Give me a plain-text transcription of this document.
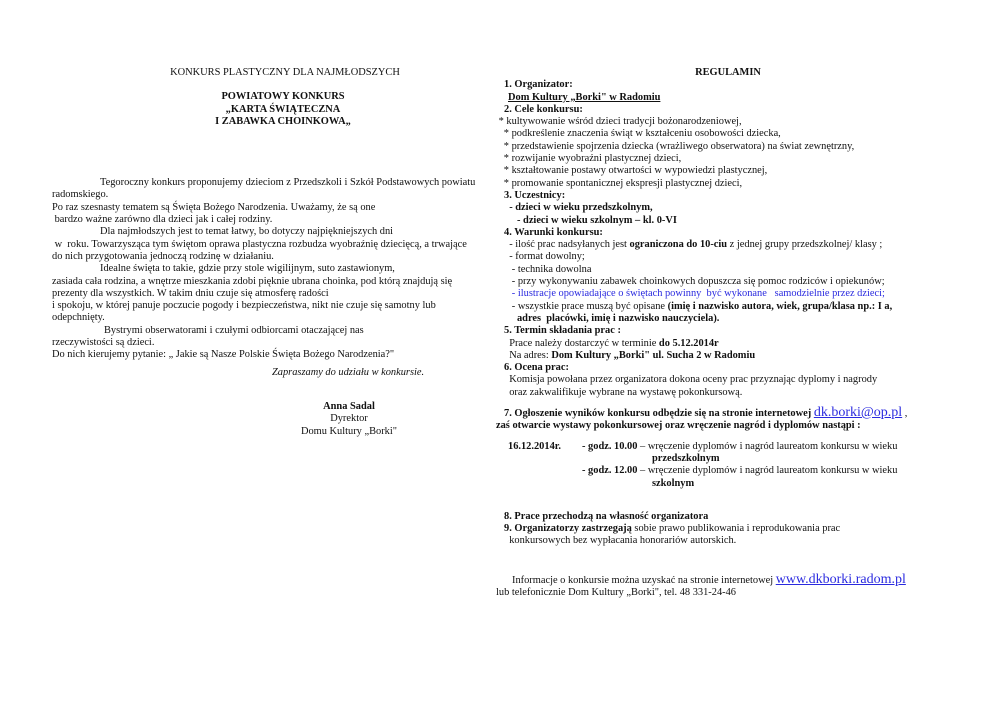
KONKURS PLASTYCZNY DLA NAJMŁODSZYCH

POWIATOWY KONKURS

„KARTA ŚWIĄTECZNA

I ZABAWKA CHOINKOWA„

Tegoroczny konkurs proponujemy dzieciom z Przedszkoli i Szkół Podstawowych powiatu

radomskiego.

Po raz szesnasty tematem są Święta Bożego Narodzenia. Uważamy, że są one

bardzo ważne zarówno dla dzieci jak i całej rodziny.

Dla najmłodszych jest to temat łatwy, bo dotyczy najpiękniejszych dni

w  roku. Towarzysząca tym świętom oprawa plastyczna rozbudza wyobraźnię dziecięcą, a trwające

do nich przygotowania jednoczą rodzinę w działaniu.

Idealne święta to takie, gdzie przy stole wigilijnym, suto zastawionym,

zasiada cała rodzina, a wnętrze mieszkania zdobi pięknie ubrana choinka, pod którą znajdują się

prezenty dla wszystkich. W takim dniu czuje się atmosferę radości

i spokoju, w której panuje poczucie pogody i bezpieczeństwa, nikt nie czuje się samotny lub

odepchnięty.

Bystrymi obserwatorami i czułymi odbiorcami otaczającej nas

rzeczywistości są dzieci.

Do nich kierujemy pytanie: „ Jakie są Nasze Polskie Święta Bożego Narodzenia?"

Zapraszamy do udziału w konkursie.

Anna Sadal

Dyrektor

Domu Kultury „Borki"

REGULAMIN

1. Organizator:

Dom Kultury „Borki" w Radomiu

2. Cele konkursu:

* kultywowanie wśród dzieci tradycji bożonarodzeniowej,

* podkreślenie znaczenia świąt w kształceniu osobowości dziecka,

* przedstawienie spojrzenia dziecka (wrażliwego obserwatora) na świat zewnętrzny,

* rozwijanie wyobraźni plastycznej dzieci,

* kształtowanie postawy otwartości w wypowiedzi plastycznej,

* promowanie spontanicznej ekspresji plastycznej dzieci,

3. Uczestnicy:

- dzieci w wieku przedszkolnym,

- dzieci w wieku szkolnym – kl. 0-VI

4. Warunki konkursu:

- ilość prac nadsyłanych jest ograniczona do 10-ciu z jednej grupy przedszkolnej/ klasy ;

- format dowolny;

- technika dowolna

- przy wykonywaniu zabawek choinkowych dopuszcza się pomoc rodziców i opiekunów;

- ilustracje opowiadające o świętach powinny  być wykonane   samodzielnie przez dzieci;

- wszystkie prace muszą być opisane (imię i nazwisko autora, wiek, grupa/klasa np.: I a,

adres  placówki, imię i nazwisko nauczyciela).

5. Termin składania prac :

Prace należy dostarczyć w terminie do 5.12.2014r

Na adres: Dom Kultury „Borki" ul. Sucha 2 w Radomiu

6. Ocena prac:

Komisja powołana przez organizatora dokona oceny prac przyznając dyplomy i nagrody

oraz zakwalifikuje wybrane na wystawę pokonkursową.

7. Ogłoszenie wyników konkursu odbędzie się na stronie internetowej dk.borki@op.pl ,

zaś otwarcie wystawy pokonkursowej oraz wręczenie nagród i dyplomów nastąpi :

16.12.2014r. - godz. 10.00 – wręczenie dyplomów i nagród laureatom konkursu w wieku

przedszkolnym

- godz. 12.00 – wręczenie dyplomów i nagród laureatom konkursu w wieku

szkolnym

8. Prace przechodzą na własność organizatora

9. Organizatorzy zastrzegają sobie prawo publikowania i reprodukowania prac

konkursowych bez wypłacania honorariów autorskich.

Informacje o konkursie można uzyskać na stronie internetowej www.dkborki.radom.pl

lub telefonicznie Dom Kultury „Borki", tel. 48 331-24-46
